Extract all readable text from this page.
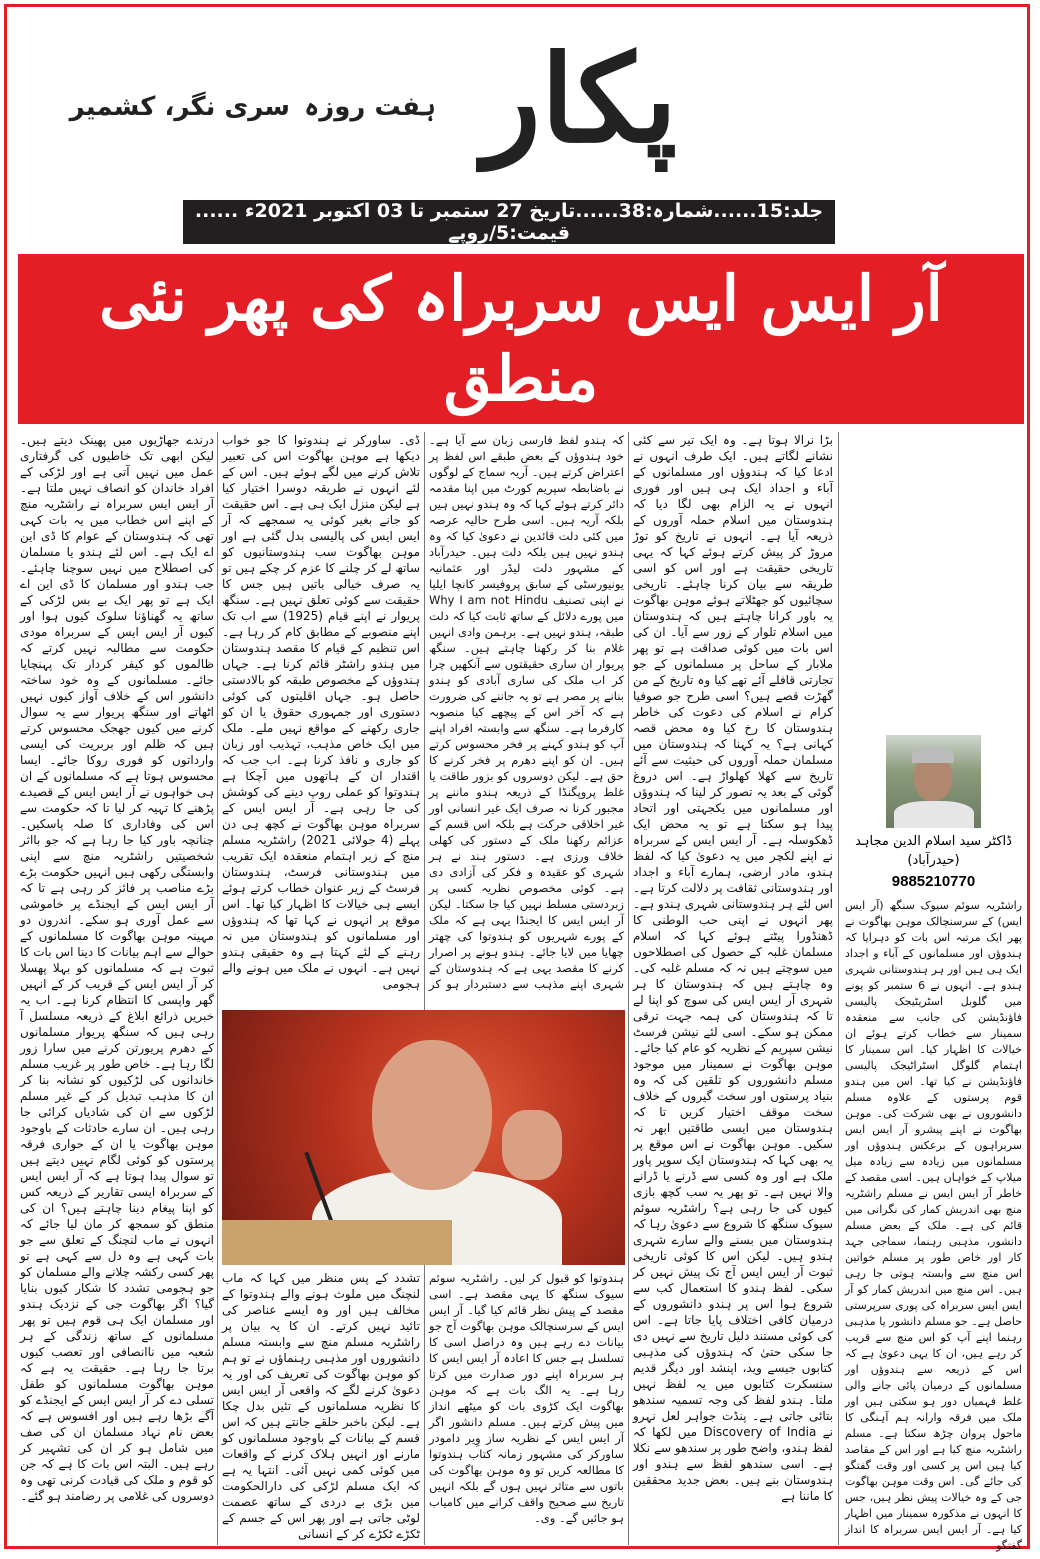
پکار
ہفت روزہ
سری نگر، کشمیر
جلد:15......شمارہ:38......تاریخ 27 ستمبر تا 03 اکتوبر 2021ء ...... قیمت:5/روپے
آر ایس ایس سربراہ کی پھر نئی منطق
ڈاکٹر سید اسلام الدین مجاہد
(حیدرآباد)
9885210770
راشٹریہ سوئم سیوک سنگھ (آر ایس ایس) کے سرسنچالک موہن بھاگوت نے پھر ایک مرتبہ اس بات کو دہرایا کہ ہندوؤں اور مسلمانوں کے آباء و اجداد ایک ہی ہیں اور ہر ہندوستانی شہری ہندو ہے۔ انہوں نے 6 ستمبر کو پونے میں گلوبل اسٹریٹیجک پالیسی فاؤنڈیشن کی جانب سے منعقدہ سمینار سے خطاب کرتے ہوئے ان خیالات کا اظہار کیا۔ اس سمینار کا اہتمام گلوگل اسٹراٹیجک پالیسی فاؤنڈیشن نے کیا تھا۔ اس میں ہندو قوم پرستوں کے علاوہ مسلم دانشوروں نے بھی شرکت کی۔ موہن بھاگوت نے اپنے پیشرو آر ایس ایس سربراہوں کے برعکس ہندوؤں اور مسلمانوں میں زیادہ سے زیادہ میل میلاپ کے خواہاں ہیں۔ اسی مقصد کے خاطر آر ایس ایس نے مسلم راشٹریہ منچ بھی اندریش کمار کی نگرانی میں قائم کی ہے۔ ملک کے بعض مسلم دانشور، مذہبی رہنما، سماجی جہد کار اور خاص طور پر مسلم خواتین اس منچ سے وابستہ ہوتی جا رہی ہیں۔ اس منچ میں اندریش کمار کو آر ایس ایس سربراہ کی پوری سرپرستی حاصل ہے۔ جو مسلم دانشور یا مذہبی رہنما اپنے آپ کو اس منچ سے قریب کر رہے ہیں، ان کا یہی دعویٰ ہے کہ اس کے ذریعہ سے ہندوؤں اور مسلمانوں کے درمیان پائی جانے والی غلط فہمیاں دور ہو سکتی ہیں اور ملک میں فرقہ وارانہ ہم آہنگی کا ماحول پروان چڑھ سکتا ہے۔ مسلم راشٹریہ منچ کیا ہے اور اس کے مقاصد کیا ہیں اس پر کسی اور وقت گفتگو کی جائے گی۔ اس وقت موہن بھاگوت جی کے وہ خیالات پیش نظر ہیں، جس کا انہوں نے مذکورہ سمینار میں اظہار کیا ہے۔ آر ایس ایس سربراہ کا انداز گفتگو
بڑا نرالا ہوتا ہے۔ وہ ایک تیر سے کئی نشانے لگاتے ہیں۔ ایک طرف انہوں نے ادعا کیا کہ ہندوؤں اور مسلمانوں کے آباء و اجداد ایک ہی ہیں اور فوری انہوں نے یہ الزام بھی لگا دیا کہ ہندوستان میں اسلام حملہ آوروں کے ذریعہ آیا ہے۔ انہوں نے تاریخ کو توڑ مروڑ کر پیش کرتے ہوئے کہا کہ یہی تاریخی حقیقت ہے اور اس کو اسی طریقہ سے بیان کرنا چاہئے۔ تاریخی سچائیوں کو جھٹلاتے ہوئے موہن بھاگوت یہ باور کرانا چاہتے ہیں کہ ہندوستان میں اسلام تلوار کے زور سے آیا۔ ان کی اس بات میں کوئی صداقت ہے تو پھر ملابار کے ساحل پر مسلمانوں کے جو تجارتی قافلے آئے تھے کیا وہ تاریخ کے من گھڑت قصے ہیں؟ اسی طرح جو صوفیا کرام نے اسلام کی دعوت کی خاطر ہندوستان کا رخ کیا وہ محض قصہ کہانی ہے؟ یہ کہنا کہ ہندوستان میں مسلمان حملہ آوروں کی حیثیت سے آئے تاریخ سے کھلا کھلواڑ ہے۔ اس دروغ گوئی کے بعد یہ تصور کر لینا کہ ہندوؤں اور مسلمانوں میں یکجہتی اور اتحاد پیدا ہو سکتا ہے تو یہ محض ایک ڈھکوسلہ ہے۔ آر ایس ایس کے سربراہ نے اپنے لکچر میں یہ دعویٰ کیا کہ لفظ ہندو، مادر ارضی، ہمارے آباء و اجداد اور ہندوستانی ثقافت پر دلالت کرتا ہے۔ اس لئے ہر ہندوستانی شہری ہندو ہے۔ پھر انہوں نے اپنی حب الوطنی کا ڈھنڈورا پیٹتے ہوئے کہا کہ اسلام مسلمان غلبہ کے حصول کی اصطلاحوں میں سوچتے ہیں نہ کہ مسلم غلبہ کی۔ وہ چاہتے ہیں کہ ہندوستان کا ہر شہری آر ایس ایس کی سوچ کو اپنا لے تا کہ ہندوستان کی ہمہ جہت ترقی ممکن ہو سکے۔ اسی لئے نیشن فرسٹ نیشن سپریم کے نظریہ کو عام کیا جائے۔ موہن بھاگوت نے سمینار میں موجود مسلم دانشوروں کو تلقین کی کہ وہ بنیاد پرستوں اور سخت گیروں کے خلاف سخت موقف اختیار کریں تا کہ ہندوستان میں ایسی طاقتیں ابھر نہ سکیں۔ موہن بھاگوت نے اس موقع پر یہ بھی کہا کہ ہندوستان ایک سوپر پاور ملک ہے اور وہ کسی سے ڈرنے یا ڈرانے والا نہیں ہے۔ تو پھر یہ سب کچھ بازی کیوں کی جا رہی ہے؟ راشٹریہ سوئم سیوک سنگھ کا شروع سے دعویٰ رہا کہ ہندوستان میں بسنے والے سارے شہری ہندو ہیں۔ لیکن اس کا کوئی تاریخی ثبوت آر ایس ایس آج تک پیش نہیں کر سکی۔ لفظ ہندو کا استعمال کب سے شروع ہوا اس پر ہندو دانشوروں کے درمیان کافی اختلاف پایا جاتا ہے۔ اس کی کوئی مستند دلیل تاریخ سے نہیں دی جا سکی حتیٰ کہ ہندوؤں کی مذہبی کتابوں جیسے وید، اپنشد اور دیگر قدیم سنسکرت کتابوں میں یہ لفظ نہیں ملتا۔ ہندو لفظ کی وجہ تسمیہ سندھو بتائی جاتی ہے۔ پنڈت جواہر لعل نہرو نے Discovery of India میں لکھا کہ لفظ ہندو، واضح طور پر سندھو سے نکلا ہے۔ اسی سندھو لفظ سے ہندو اور ہندوستان بنے ہیں۔ بعض جدید محققین کا ماننا ہے
کہ ہندو لفظ فارسی زبان سے آیا ہے۔ خود ہندوؤں کے بعض طبقے اس لفظ پر اعتراض کرتے ہیں۔ آریہ سماج کے لوگوں نے باضابطہ سپریم کورٹ میں اپنا مقدمہ دائر کرتے ہوئے کہا کہ وہ ہندو نہیں ہیں بلکہ آریہ ہیں۔ اسی طرح حالیہ عرصہ میں کئی دلت قائدین نے دعویٰ کیا کہ وہ ہندو نہیں ہیں بلکہ دلت ہیں۔ حیدرآباد کے مشہور دلت لیڈر اور عثمانیہ یونیورسٹی کے سابق پروفیسر کانچا ایلیا نے اپنی تصنیف Why I am not Hindu میں پورے دلائل کے ساتھ ثابت کیا کہ دلت طبقہ، ہندو نہیں ہے۔ برہمن وادی انہیں غلام بنا کر رکھنا چاہتے ہیں۔ سنگھ پریوار ان ساری حقیقتوں سے آنکھیں چرا کر اب ملک کی ساری آبادی کو ہندو بنانے پر مصر ہے تو یہ جاننے کی ضرورت ہے کہ آخر اس کے پیچھے کیا منصوبہ کارفرما ہے۔ سنگھ سے وابستہ افراد اپنے آپ کو ہندو کہنے پر فخر محسوس کرتے ہیں۔ ان کو اپنے دھرم پر فخر کرنے کا حق ہے۔ لیکن دوسروں کو بزور طاقت یا غلط پروپگنڈا کے ذریعہ ہندو ماننے پر مجبور کرنا نہ صرف ایک غیر انسانی اور غیر اخلاقی حرکت ہے بلکہ اس قسم کے عزائم رکھنا ملک کے دستور کی کھلی خلاف ورزی ہے۔ دستور ہند نے ہر شہری کو عقیدہ و فکر کی آزادی دی ہے۔ کوئی مخصوص نظریہ کسی پر زبردستی مسلط نہیں کیا جا سکتا۔ لیکن آر ایس ایس کا ایجنڈا یہی ہے کہ ملک کے پورے شہریوں کو ہندوتوا کی چھتر چھایا میں لایا جائے۔ ہندو ہونے پر اصرار کرنے کا مقصد یہی ہے کہ ہندوستان کے شہری اپنے مذہب سے دستبردار ہو کر ہندوتوا کو قبول کر لیں۔ راشٹریہ سوئم سیوک سنگھ کا یہی مقصد ہے۔ اسی مقصد کے پیش نظر قائم کیا گیا۔ آر ایس ایس کے سرسنچالک موہن بھاگوت آج جو بیانات دے رہے ہیں وہ دراصل اسی کا تسلسل ہے جس کا اعادہ آر ایس ایس کا ہر سربراہ اپنے دور صدارت میں کرتا رہا ہے۔ یہ الگ بات ہے کہ موہن بھاگوت ایک کڑوی بات کو میٹھے انداز میں پیش کرتے ہیں۔ مسلم دانشور اگر آر ایس ایس کے نظریہ ساز وِیر دامودر ساورکر کی مشہور زمانہ کتاب ہندوتوا کا مطالعہ کریں تو وہ موہن بھاگوت کی باتوں سے متاثر نہیں ہوں گے بلکہ انہیں تاریخ سے صحیح واقف کرانے میں کامیاب ہو جائیں گے۔ وی۔
ڈی۔ ساورکر نے ہندوتوا کا جو خواب دیکھا ہے موہن بھاگوت اس کی تعبیر تلاش کرنے میں لگے ہوئے ہیں۔ اس کے لئے انہوں نے طریقہ دوسرا اختیار کیا ہے لیکن منزل ایک ہی ہے۔ اس حقیقت کو جانے بغیر کوئی یہ سمجھے کہ آر ایس ایس کی پالیسی بدل گئی ہے اور موہن بھاگوت سب ہندوستانیوں کو ساتھ لے کر چلنے کا عزم کر چکے ہیں تو یہ صرف خیالی باتیں ہیں جس کا حقیقت سے کوئی تعلق نہیں ہے۔ سنگھ پریوار نے اپنے قیام (1925) سے اب تک اپنے منصوبے کے مطابق کام کر رہا ہے۔ اس تنظیم کے قیام کا مقصد ہندوستان میں ہندو راشٹر قائم کرنا ہے۔ جہاں ہندوؤں کے مخصوص طبقہ کو بالادستی حاصل ہو۔ جہاں اقلیتوں کی کوئی دستوری اور جمہوری حقوق یا ان کو جاری رکھنے کے مواقع نہیں ملے۔ ملک میں ایک خاص مذہب، تہذیب اور زبان کو جاری و نافذ کرنا ہے۔ اب جب کہ اقتدار ان کے ہاتھوں میں آچکا ہے ہندوتوا کو عملی روپ دینے کی کوشش کی جا رہی ہے۔ آر ایس ایس کے سربراہ موہن بھاگوت نے کچھ ہی دن پہلے (4 جولائی 2021) راشٹریہ مسلم منچ کے زیر اہتمام منعقدہ ایک تقریب میں ہندوستانی فرسٹ، ہندوستان فرسٹ کے زیر عنوان خطاب کرتے ہوئے ایسے ہی خیالات کا اظہار کیا تھا۔ اس موقع پر انہوں نے کہا تھا کہ ہندوؤں اور مسلمانوں کو ہندوستان میں نہ رہنے کے لئے کہتا ہے وہ حقیقی ہندو نہیں ہے۔ انہوں نے ملک میں ہونے والے ہجومی
تشدد کے پس منظر میں کہا کہ ماب لنچنگ میں ملوث ہونے والے ہندوتوا کے مخالف ہیں اور وہ ایسے عناصر کی تائید نہیں کرتے۔ ان کا یہ بیان پر راشٹریہ مسلم منچ سے وابستہ مسلم دانشوروں اور مذہبی رہنماؤں نے تو ہم کو موہن بھاگوت کی تعریف کی اور یہ دعویٰ کرنے لگے کہ واقعی آر ایس ایس کا نظریہ مسلمانوں کے تئیں بدل چکا ہے۔ لیکن باخبر حلقے جانتے ہیں کہ اس قسم کے بیانات کے باوجود مسلمانوں کو مارنے اور انہیں ہلاک کرنے کے واقعات میں کوئی کمی نہیں آئی۔ انتہا یہ ہے کہ ایک مسلم لڑکی کی دارالحکومت میں بڑی بے دردی کے ساتھ عصمت لوٹی جاتی ہے اور پھر اس کے جسم کے ٹکڑے ٹکڑے کر کے انسانی
درندے جھاڑیوں میں پھینک دیتے ہیں۔ لیکن ابھی تک خاطیوں کی گرفتاری عمل میں نہیں آتی ہے اور لڑکی کے افراد خاندان کو انصاف نہیں ملتا ہے۔ آر ایس ایس سربراہ نے راشٹریہ منچ کے اپنے اس خطاب میں یہ بات کہی تھی کہ ہندوستان کے عوام کا ڈی این اے ایک ہے۔ اس لئے ہندو یا مسلمان کی اصطلاح میں نہیں سوچنا چاہئے۔ جب ہندو اور مسلمان کا ڈی این اے ایک ہے تو پھر ایک بے بس لڑکی کے ساتھ یہ گھناؤنا سلوک کیوں ہوا اور کیوں آر ایس ایس کے سربراہ مودی حکومت سے مطالبہ نہیں کرتے کہ ظالموں کو کیفر کردار تک پہنچایا جائے۔ مسلمانوں کے وہ خود ساختہ دانشور اس کے خلاف آواز کیوں نہیں اٹھاتے اور سنگھ پریوار سے یہ سوال کرنے میں کیوں جھجک محسوس کرتے ہیں کہ ظلم اور بربریت کی ایسی وارداتوں کو فوری روکا جائے۔ ایسا محسوس ہوتا ہے کہ مسلمانوں کے ان ہی خواہوں نے آر ایس ایس کے قصیدے پڑھنے کا تہیہ کر لیا تا کہ حکومت سے اس کی وفاداری کا صلہ پاسکیں۔ چنانچہ باور کیا جا رہا ہے کہ جو بااثر شخصیتیں راشٹریہ منچ سے اپنی وابستگی رکھی ہیں انہیں حکومت بڑے بڑے مناصب پر فائز کر رہی ہے تا کہ آر ایس ایس کے ایجنڈے پر خاموشی سے عمل آوری ہو سکے۔ اندرون دو مہینہ موہن بھاگوت کا مسلمانوں کے حوالے سے اہم بیانات کا دینا اس بات کا ثبوت ہے کہ مسلمانوں کو بہلا پھسلا کر آر ایس ایس کے قریب کر کے انہیں گھر واپسی کا انتظام کرنا ہے۔ اب یہ خبریں ذرائع ابلاغ کے ذریعہ مسلسل آ رہی ہیں کہ سنگھ پریوار مسلمانوں کے دھرم پریورتن کرنے میں سارا زور لگا رہا ہے۔ خاص طور پر غریب مسلم خاندانوں کی لڑکیوں کو نشانہ بنا کر ان کا مذہب تبدیل کر کے غیر مسلم لڑکوں سے ان کی شادیاں کرائی جا رہی ہیں۔ ان سارے حادثات کے باوجود موہن بھاگوت یا ان کے حواری فرقہ پرستوں کو کوئی لگام نہیں دیتے ہیں تو سوال پیدا ہوتا ہے کہ آر ایس ایس کے سربراہ ایسی تقاریر کے ذریعہ کس کو اپنا پیغام دینا چاہتے ہیں؟ ان کی منطق کو سمجھ کر مان لیا جائے کہ انہوں نے ماب لنچنگ کے تعلق سے جو بات کہی ہے وہ دل سے کہی ہے تو پھر کسی رکشہ چلانے والے مسلمان کو جو ہجومی تشدد کا شکار کیوں بنایا گیا؟ اگر بھاگوت جی کے نزدیک ہندو اور مسلمان ایک ہی قوم ہیں تو پھر مسلمانوں کے ساتھ زندگی کے ہر شعبہ میں ناانصافی اور تعصب کیوں برتا جا رہا ہے۔ حقیقت یہ ہے کہ موہن بھاگوت مسلمانوں کو طفل تسلی دے کر آر ایس ایس کے ایجنڈے کو آگے بڑھا رہے ہیں اور افسوس ہے کہ بعض نام نہاد مسلمان ان کی صف میں شامل ہو کر ان کی تشہیر کر رہے ہیں۔ البتہ اس بات کا ہے کہ جن کو قوم و ملک کی قیادت کرنی تھی وہ دوسروں کی غلامی پر رضامند ہو گئے۔
